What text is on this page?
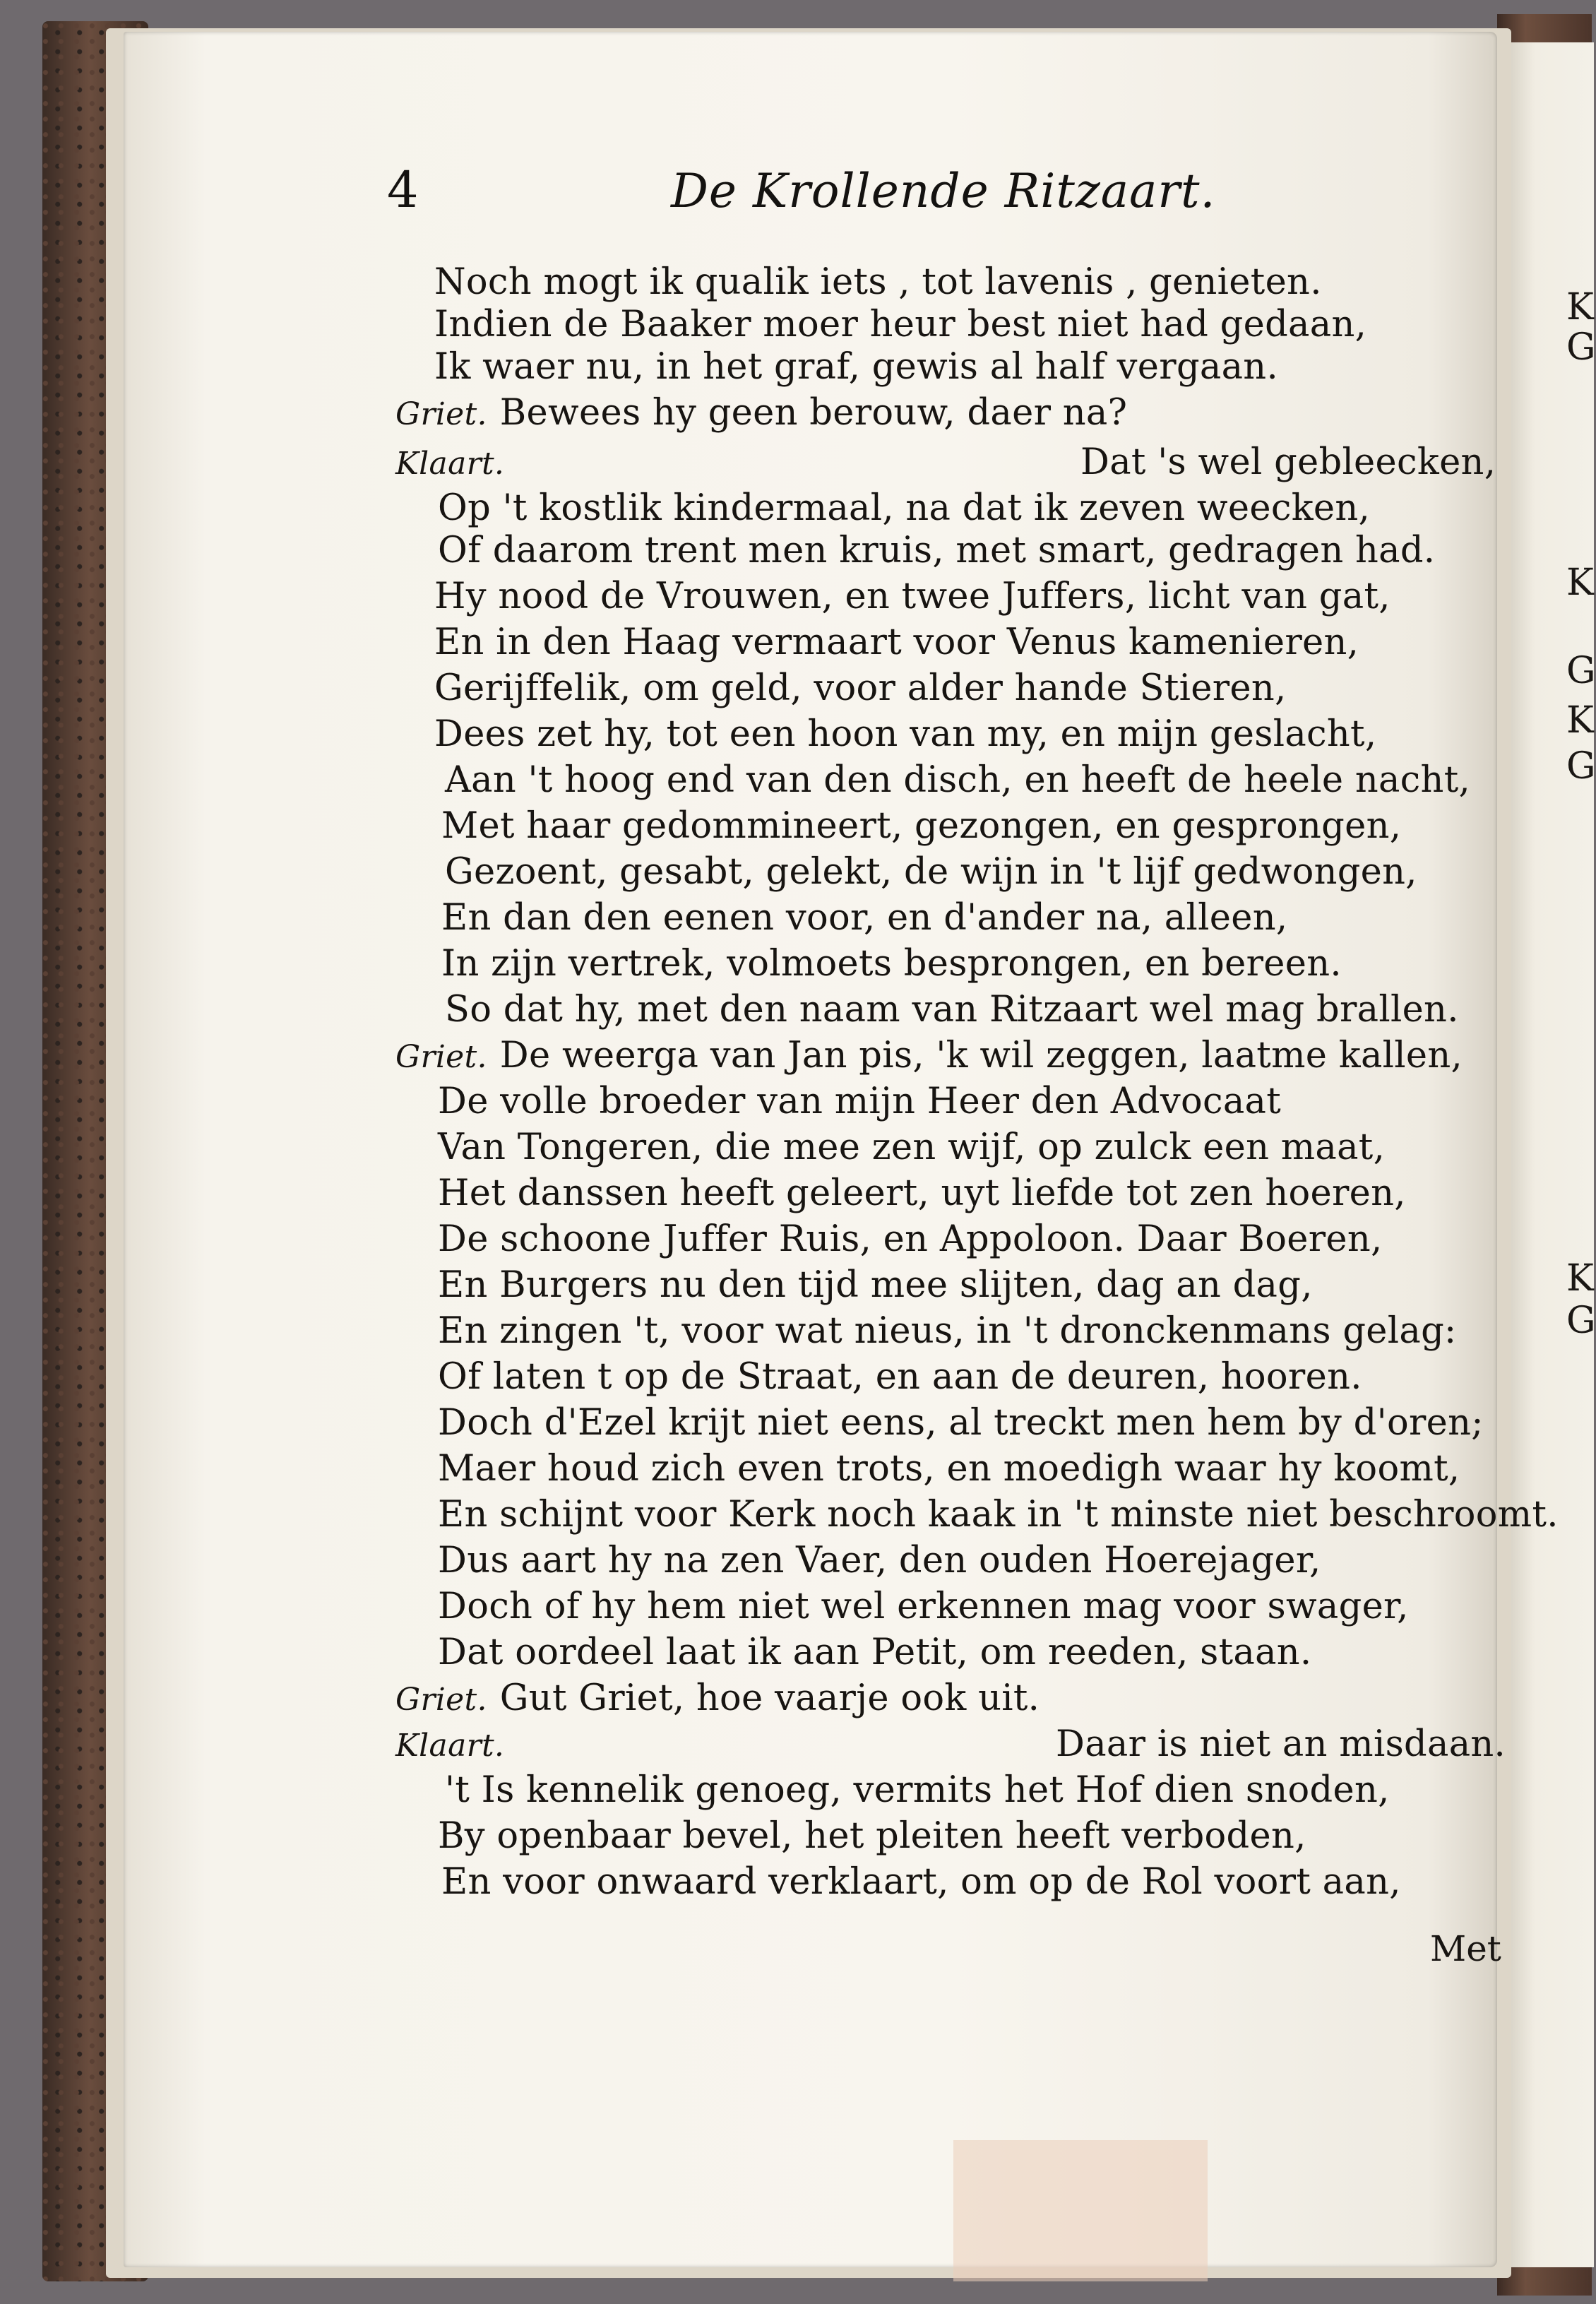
K
G
K
G
K
G
K
G
4	De Krollende Ritzaart.
Noch mogt ik qualik iets , tot lavenis , genieten.
Indien de Baaker moer heur best niet had gedaan,
Ik waer nu, in het graf, gewis al half vergaan.
Griet. Bewees hy geen berouw, daer na?
Klaart.	Dat 's wel gebleecken,
Op 't kostlik kindermaal, na dat ik zeven weecken,
Of daarom trent men kruis, met smart, gedragen had.
Hy nood de Vrouwen, en twee Juffers, licht van gat,
En in den Haag vermaart voor Venus kamenieren,
Gerijffelik, om geld, voor alder hande Stieren,
Dees zet hy, tot een hoon van my, en mijn geslacht,
Aan 't hoog end van den disch, en heeft de heele nacht,
Met haar gedommineert, gezongen, en gesprongen,
Gezoent, gesabt, gelekt, de wijn in 't lijf gedwongen,
En dan den eenen voor, en d'ander na, alleen,
In zijn vertrek, volmoets besprongen, en bereen.
So dat hy, met den naam van Ritzaart wel mag brallen.
Griet. De weerga van Jan pis, 'k wil zeggen, laatme kallen,
De volle broeder van mijn Heer den Advocaat
Van Tongeren, die mee zen wijf, op zulck een maat,
Het danssen heeft geleert, uyt liefde tot zen hoeren,
De schoone Juffer Ruis, en Appoloon. Daar Boeren,
En Burgers nu den tijd mee slijten, dag an dag,
En zingen 't, voor wat nieus, in 't dronckenmans gelag:
Of laten t op de Straat, en aan de deuren, hooren.
Doch d'Ezel krijt niet eens, al treckt men hem by d'oren;
Maer houd zich even trots, en moedigh waar hy koomt,
En schijnt voor Kerk noch kaak in 't minste niet beschroomt.
Dus aart hy na zen Vaer, den ouden Hoerejager,
Doch of hy hem niet wel erkennen mag voor swager,
Dat oordeel laat ik aan Petit, om reeden, staan.
Griet. Gut Griet, hoe vaarje ook uit.
Klaart.	Daar is niet an misdaan.
't Is kennelik genoeg, vermits het Hof dien snoden,
By openbaar bevel, het pleiten heeft verboden,
En voor onwaard verklaart, om op de Rol voort aan,
Met
